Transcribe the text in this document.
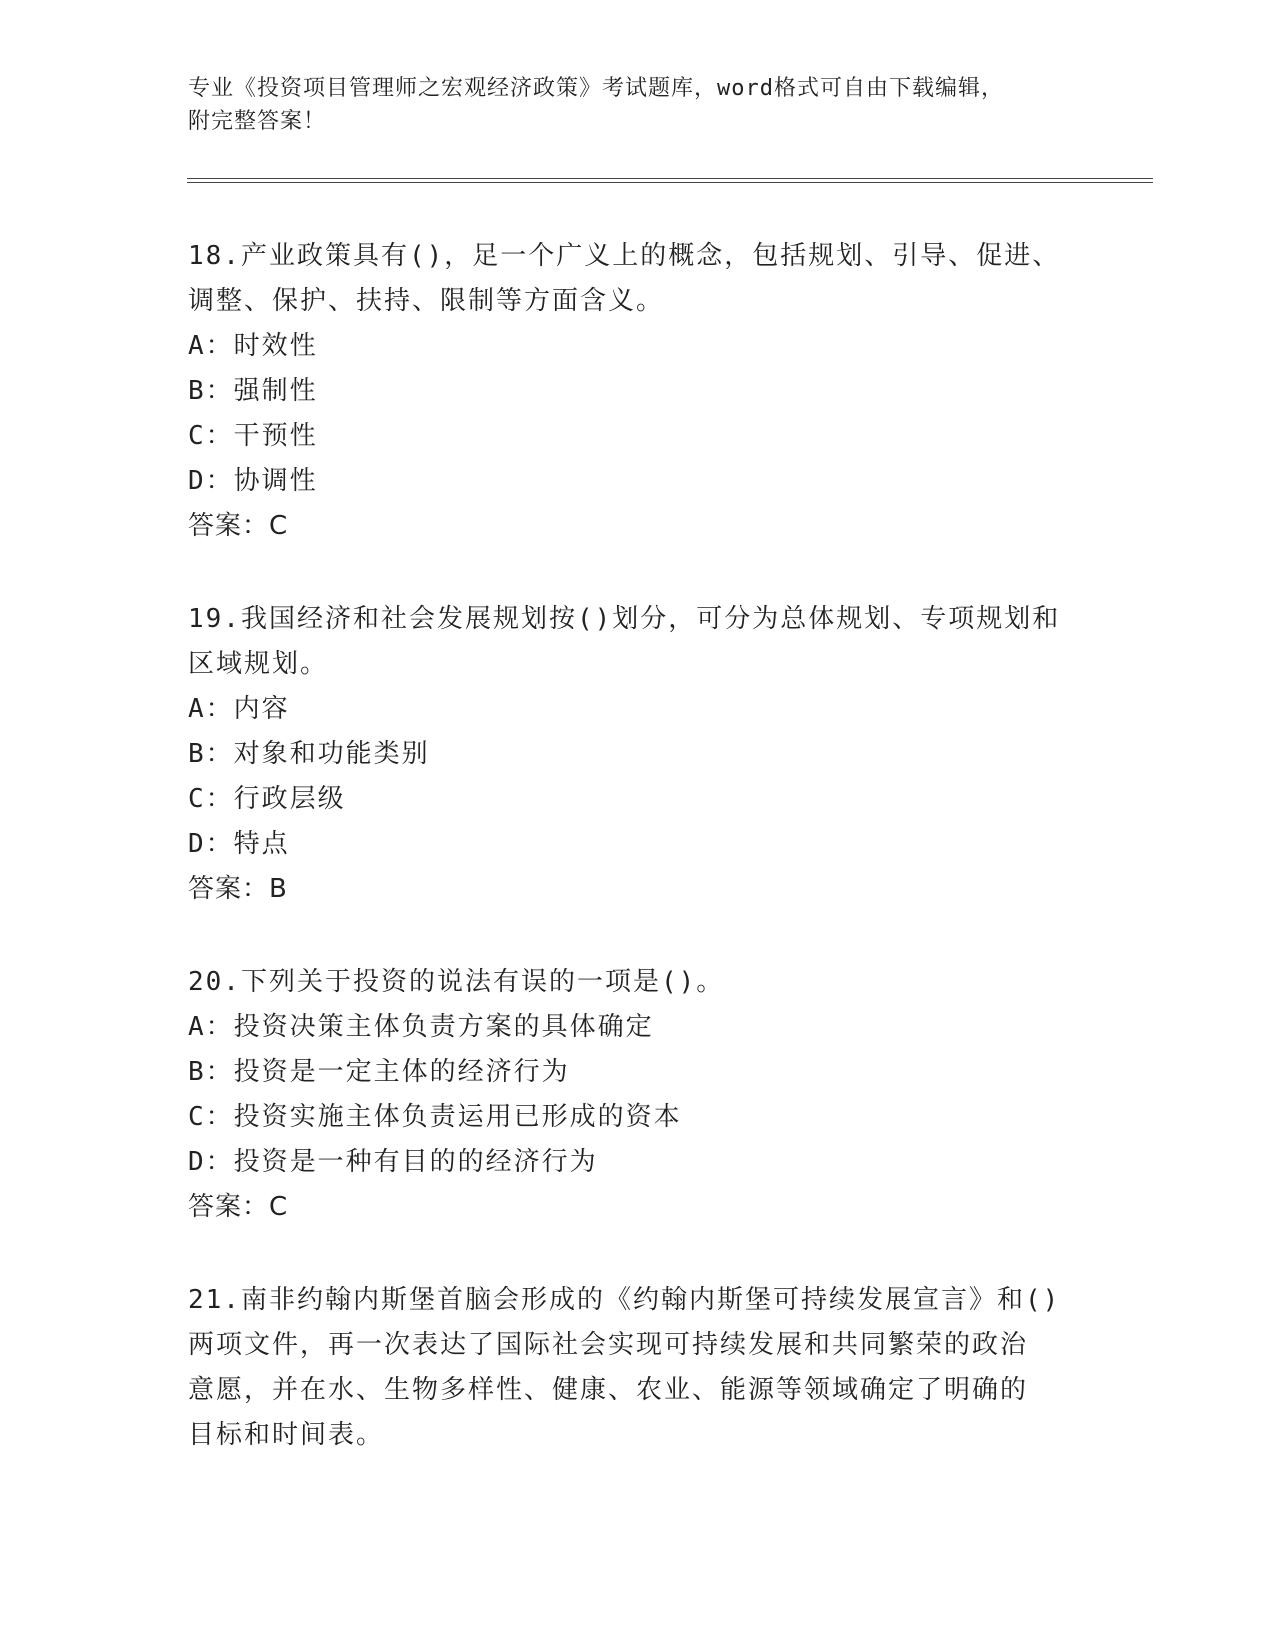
专业《投资项目管理师之宏观经济政策》考试题库，word格式可自由下载编辑，
附完整答案！

18.产业政策具有()，足一个广义上的概念，包括规划、引导、促进、
调整、保护、扶持、限制等方面含义。

A：时效性

B：强制性

C：干预性

D：协调性

答案：C

19.我国经济和社会发展规划按()划分，可分为总体规划、专项规划和
区域规划。

A：内容

B：对象和功能类别

C：行政层级

D：特点

答案：B

20.下列关于投资的说法有误的一项是()。

A：投资决策主体负责方案的具体确定

B：投资是一定主体的经济行为

C：投资实施主体负责运用已形成的资本

D：投资是一种有目的的经济行为

答案：C

21.南非约翰内斯堡首脑会形成的《约翰内斯堡可持续发展宣言》和()
两项文件，再一次表达了国际社会实现可持续发展和共同繁荣的政治
意愿，并在水、生物多样性、健康、农业、能源等领域确定了明确的
目标和时间表。
